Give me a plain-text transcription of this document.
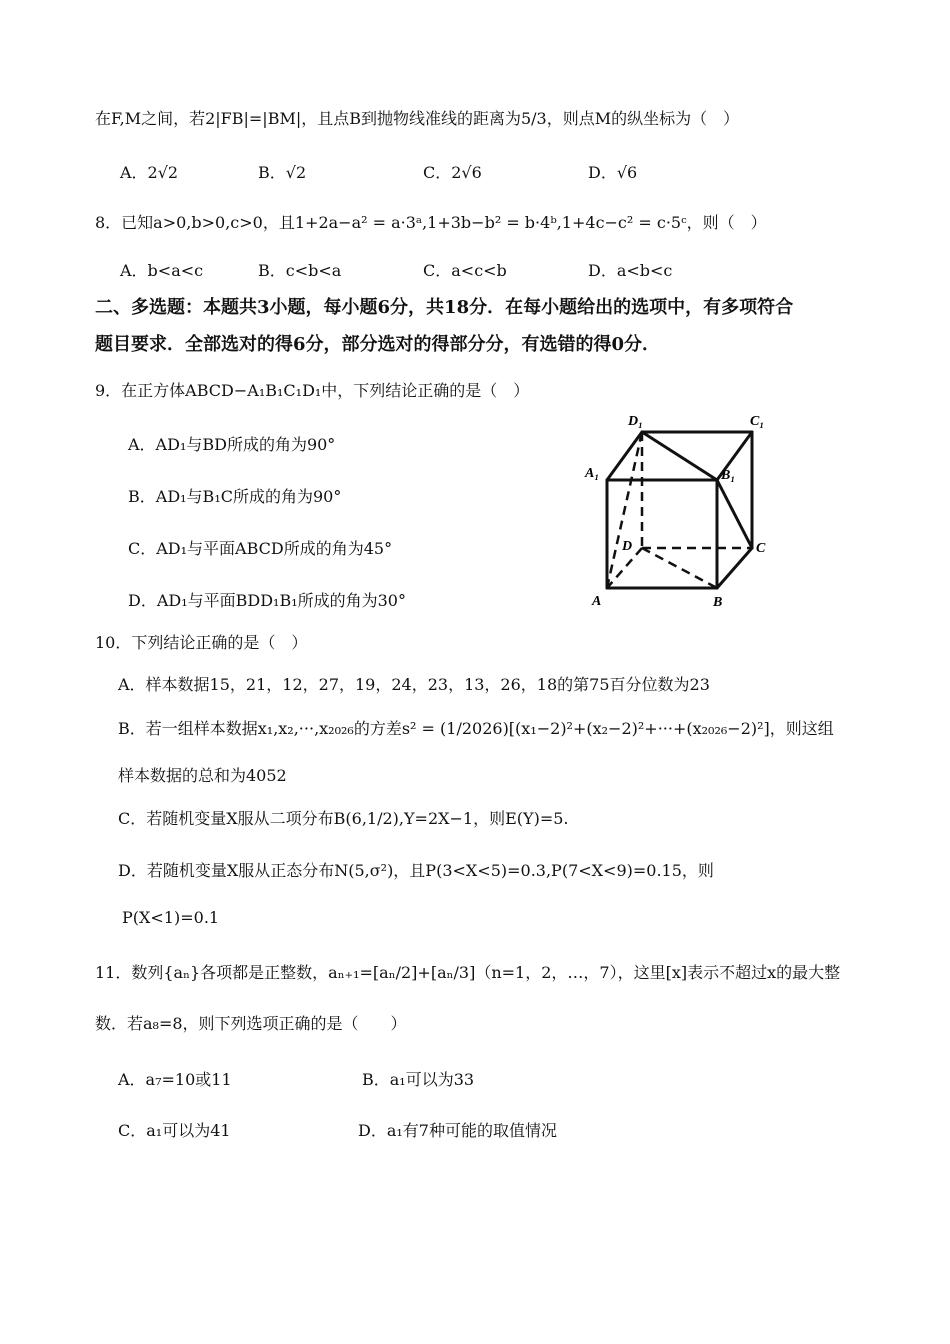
在F,M之间，若2|FB|=|BM|，且点B到抛物线准线的距离为5/3，则点M的纵坐标为（　）
A．2√2	B．√2	C．2√6	D．√6
8．已知a>0,b>0,c>0，且1+2a−a² = a·3ᵃ,1+3b−b² = b·4ᵇ,1+4c−c² = c·5ᶜ，则（　）
A．b<a<c	B．c<b<a	C．a<c<b	D．a<b<c
二、多选题：本题共3小题，每小题6分，共18分．在每小题给出的选项中，有多项符合
题目要求．全部选对的得6分，部分选对的得部分分，有选错的得0分．
9．在正方体ABCD−A₁B₁C₁D₁中，下列结论正确的是（　）
A．AD₁与BD所成的角为90°
B．AD₁与B₁C所成的角为90°
C．AD₁与平面ABCD所成的角为45°
D．AD₁与平面BDD₁B₁所成的角为30°
D₁	C₁
A₁	B₁
D	C
A	B
10．下列结论正确的是（　）
A．样本数据15，21，12，27，19，24，23，13，26，18的第75百分位数为23
B．若一组样本数据x₁,x₂,···,x₂₀₂₆的方差s² = (1/2026)[(x₁−2)²+(x₂−2)²+···+(x₂₀₂₆−2)²]，则这组
样本数据的总和为4052
C．若随机变量X服从二项分布B(6,1/2),Y=2X−1，则E(Y)=5.
D．若随机变量X服从正态分布N(5,σ²)，且P(3<X<5)=0.3,P(7<X<9)=0.15，则
P(X<1)=0.1
11．数列{aₙ}各项都是正整数，aₙ₊₁=[aₙ/2]+[aₙ/3]（n=1，2，…，7），这里[x]表示不超过x的最大整
数．若a₈=8，则下列选项正确的是（　　）
A．a₇=10或11	B．a₁可以为33
C．a₁可以为41	D．a₁有7种可能的取值情况
